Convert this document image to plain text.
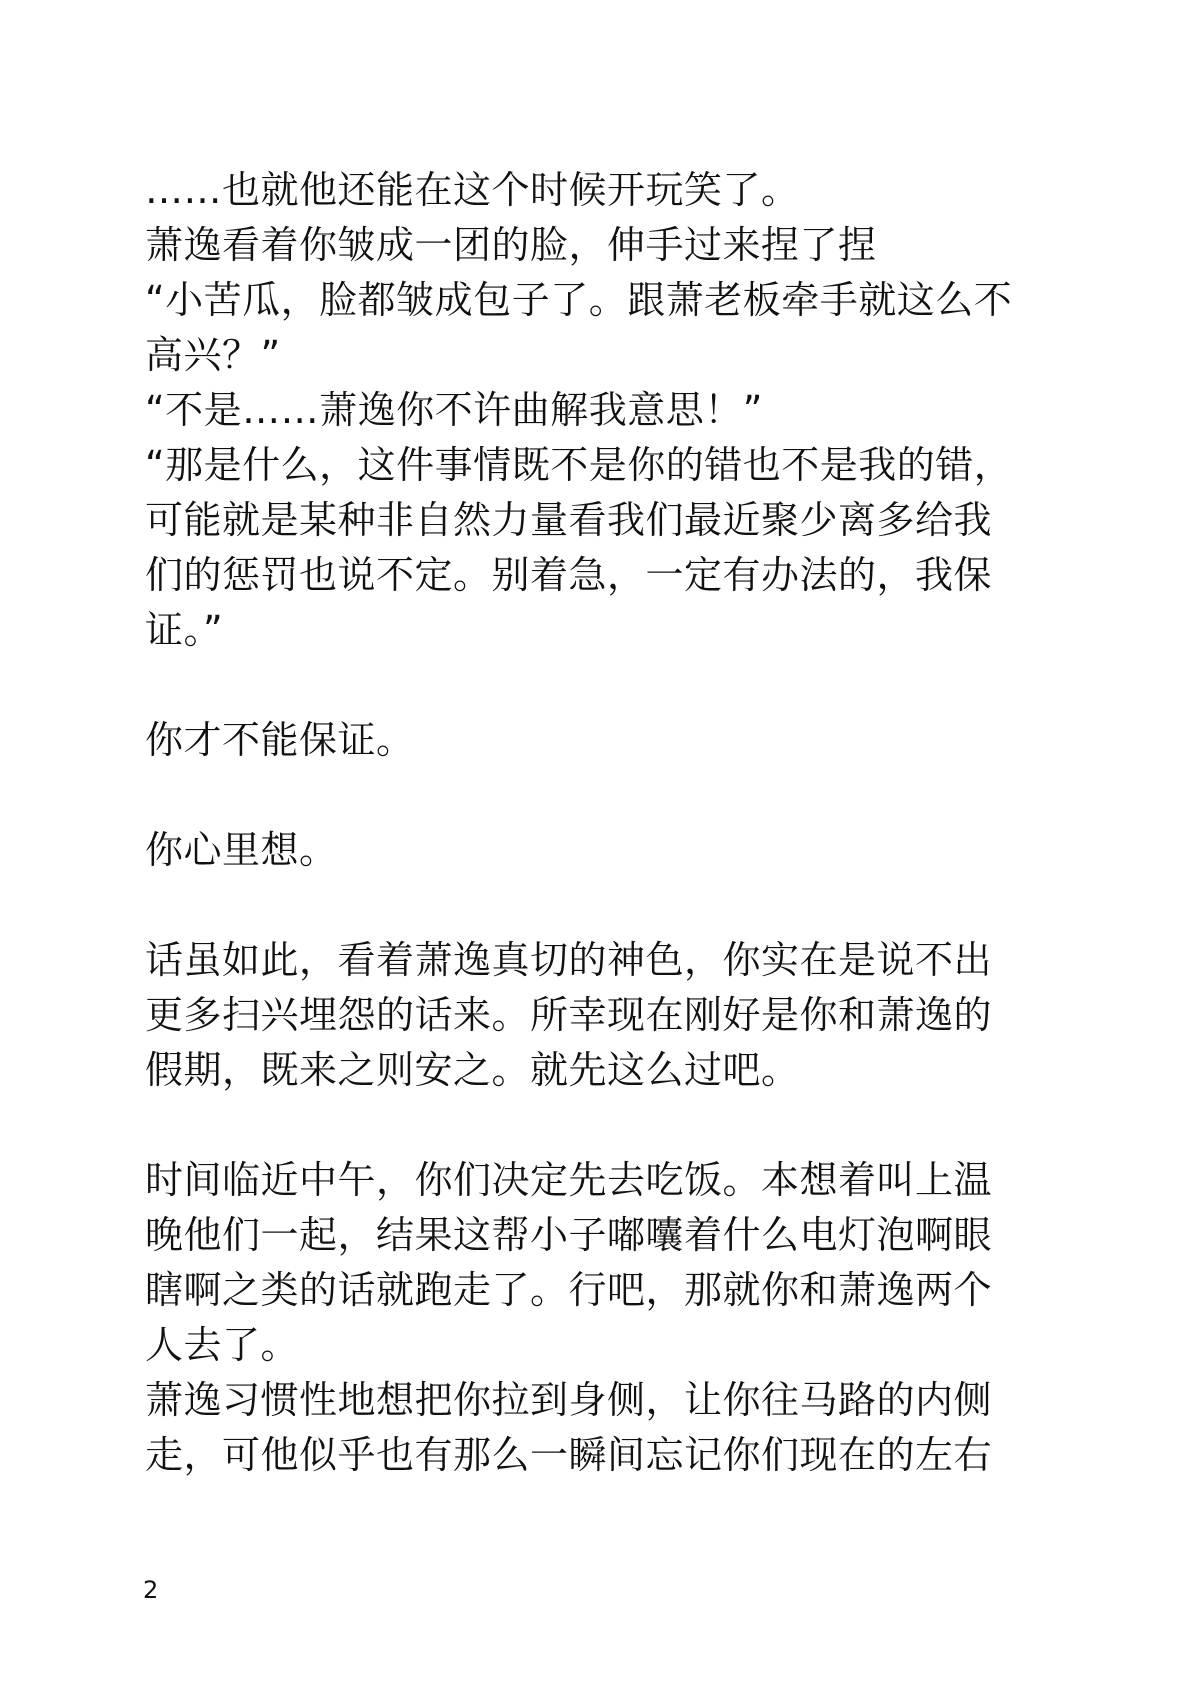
……也就他还能在这个时候开玩笑了。
萧逸看着你皱成一团的脸，伸手过来捏了捏
“小苦瓜，脸都皱成包子了。跟萧老板牵手就这么不
高兴？”
“不是……萧逸你不许曲解我意思！”
“那是什么，这件事情既不是你的错也不是我的错，
可能就是某种非自然力量看我们最近聚少离多给我
们的惩罚也说不定。别着急，一定有办法的，我保
证。”
你才不能保证。
你心里想。
话虽如此，看着萧逸真切的神色，你实在是说不出
更多扫兴埋怨的话来。所幸现在刚好是你和萧逸的
假期，既来之则安之。就先这么过吧。
时间临近中午，你们决定先去吃饭。本想着叫上温
晚他们一起，结果这帮小子嘟囔着什么电灯泡啊眼
瞎啊之类的话就跑走了。行吧，那就你和萧逸两个
人去了。
萧逸习惯性地想把你拉到身侧，让你往马路的内侧
走，可他似乎也有那么一瞬间忘记你们现在的左右
2
